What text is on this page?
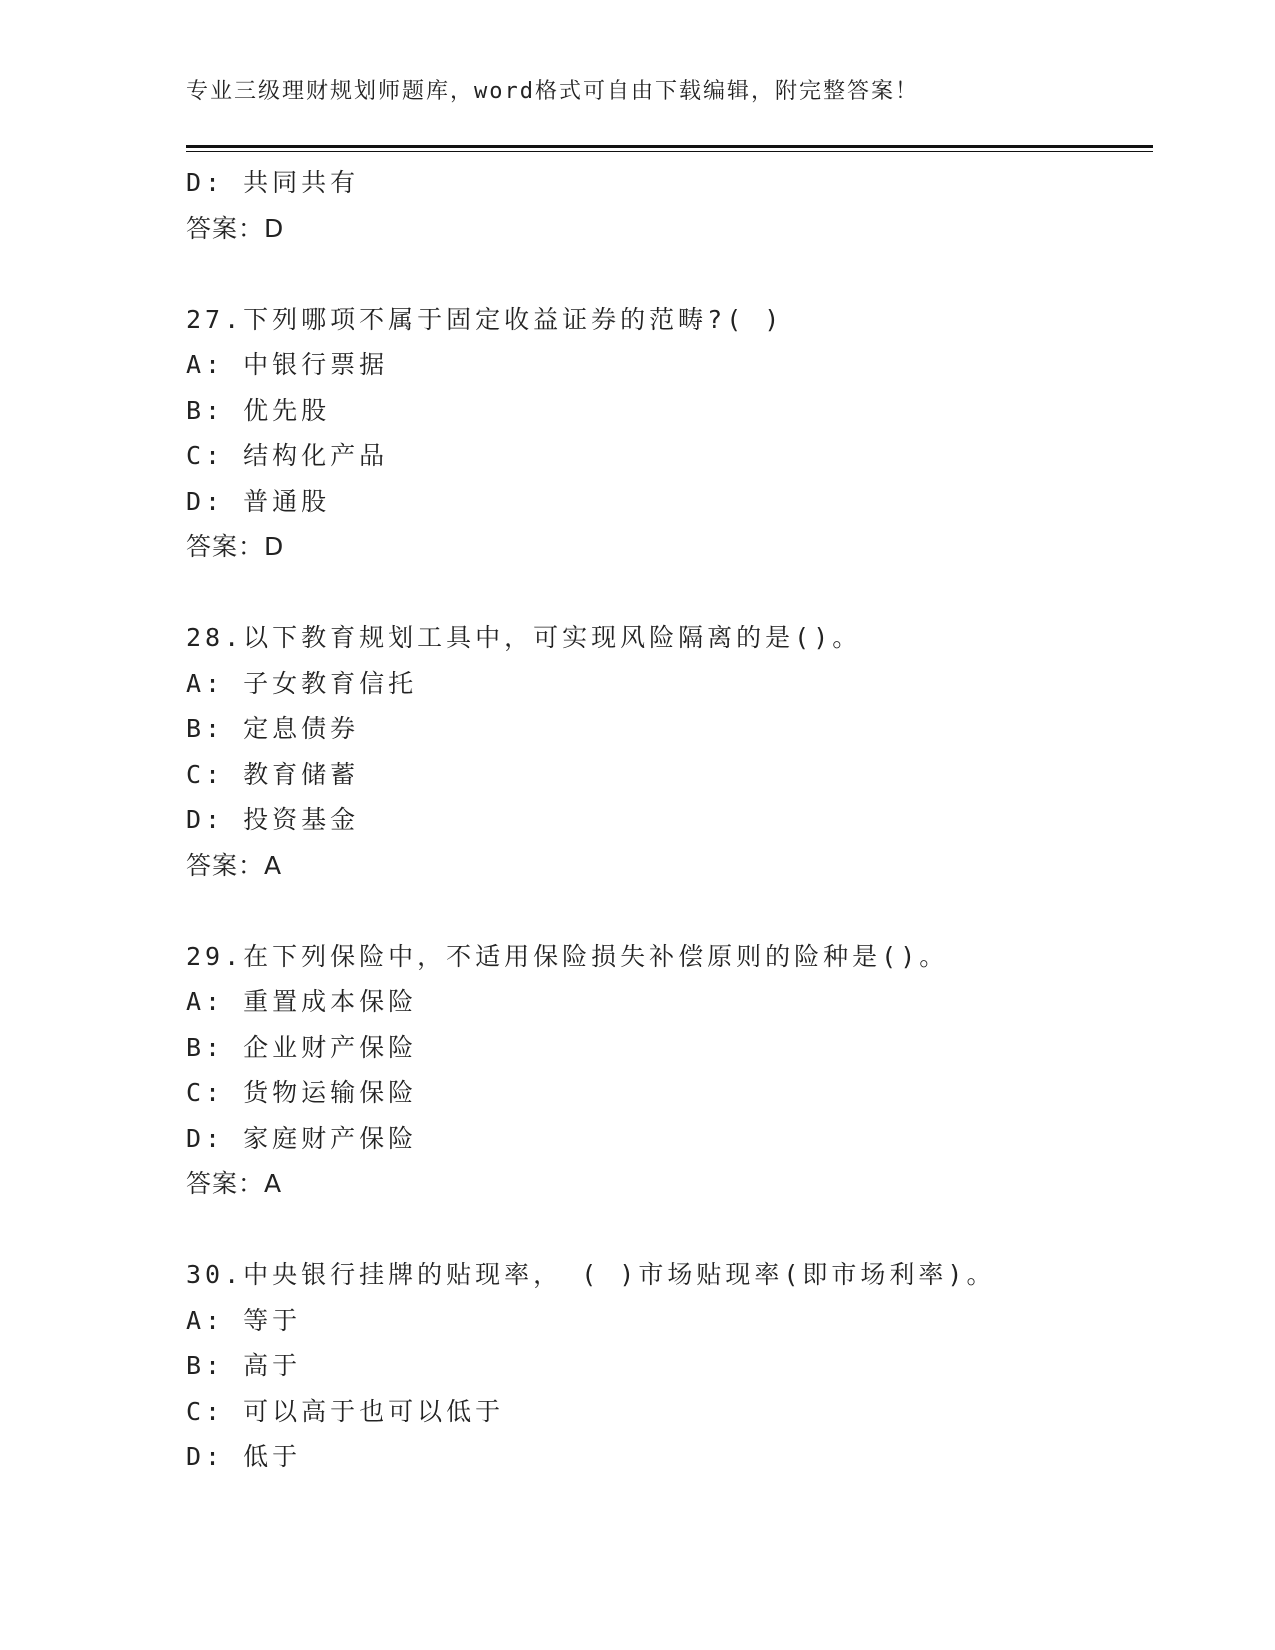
专业三级理财规划师题库，word格式可自由下载编辑，附完整答案！
D: 共同共有
答案：D
27.下列哪项不属于固定收益证券的范畴?( )
A: 中银行票据
B: 优先股
C: 结构化产品
D: 普通股
答案：D
28.以下教育规划工具中，可实现风险隔离的是()。
A: 子女教育信托
B: 定息债券
C: 教育储蓄
D: 投资基金
答案：A
29.在下列保险中，不适用保险损失补偿原则的险种是()。
A: 重置成本保险
B: 企业财产保险
C: 货物运输保险
D: 家庭财产保险
答案：A
30.中央银行挂牌的贴现率， ( )市场贴现率(即市场利率)。
A: 等于
B: 高于
C: 可以高于也可以低于
D: 低于
